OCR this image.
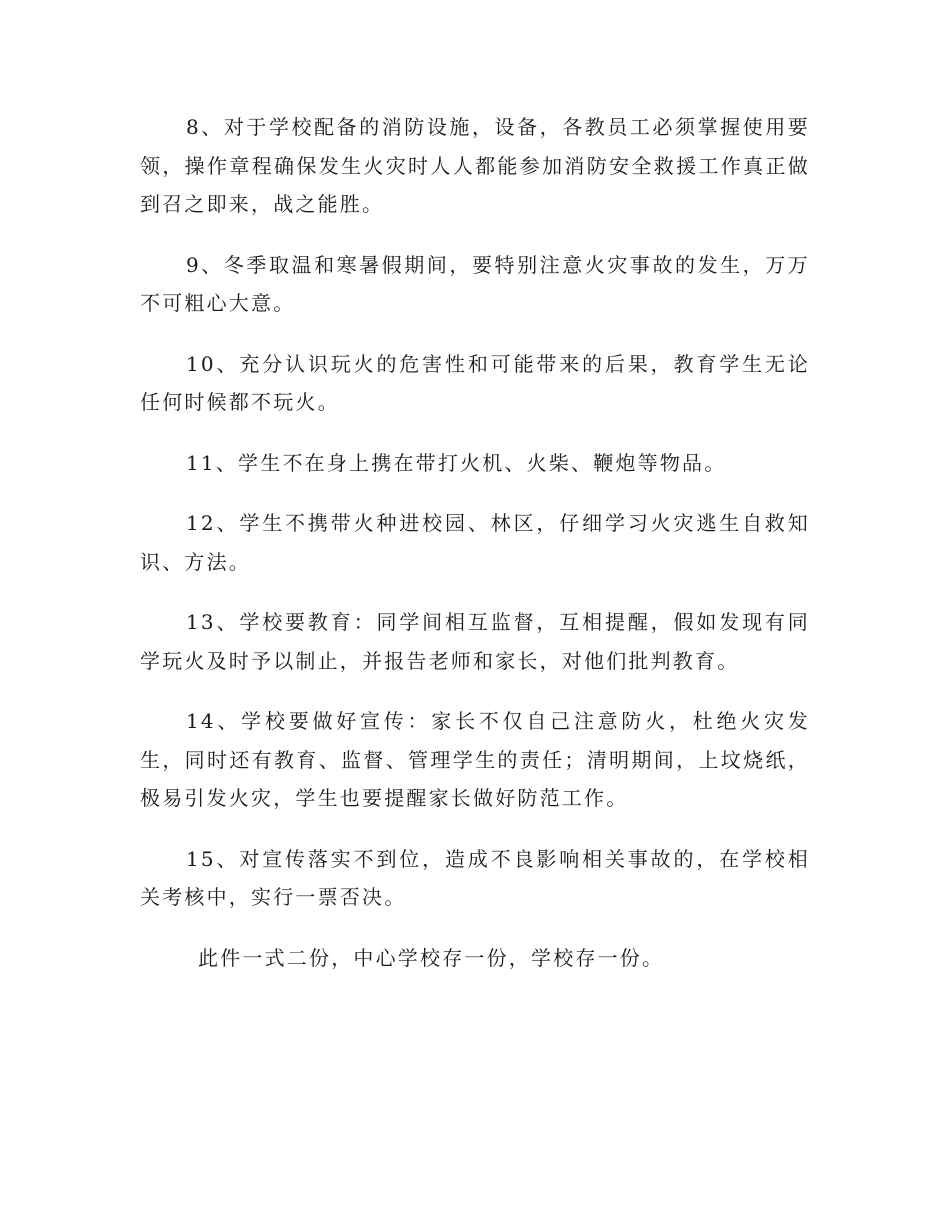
8、对于学校配备的消防设施，设备，各教员工必须掌握使用要领，操作章程确保发生火灾时人人都能参加消防安全救援工作真正做到召之即来，战之能胜。

9、冬季取温和寒暑假期间，要特别注意火灾事故的发生，万万不可粗心大意。

10、充分认识玩火的危害性和可能带来的后果，教育学生无论任何时候都不玩火。

11、学生不在身上携在带打火机、火柴、鞭炮等物品。

12、学生不携带火种进校园、林区，仔细学习火灾逃生自救知识、方法。

13、学校要教育：同学间相互监督，互相提醒，假如发现有同学玩火及时予以制止，并报告老师和家长，对他们批判教育。

14、学校要做好宣传：家长不仅自己注意防火，杜绝火灾发生，同时还有教育、监督、管理学生的责任；清明期间，上坟烧纸，极易引发火灾，学生也要提醒家长做好防范工作。

15、对宣传落实不到位，造成不良影响相关事故的，在学校相关考核中，实行一票否决。

此件一式二份，中心学校存一份，学校存一份。
